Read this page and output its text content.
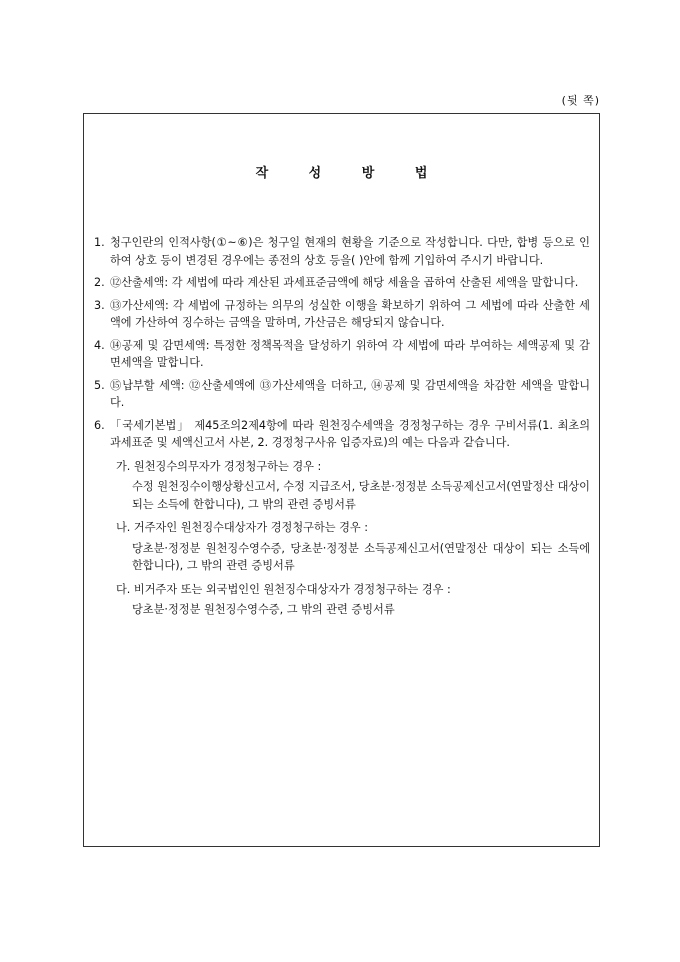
(뒷 쪽)
작 성 방 법
1. 청구인란의 인적사항(①~⑥)은 청구일 현재의 현황을 기준으로 작성합니다. 다만, 합병 등으로 인하여 상호 등이 변경된 경우에는 종전의 상호 등을( )안에 함께 기입하여 주시기 바랍니다.
2. ⑫산출세액: 각 세법에 따라 계산된 과세표준금액에 해당 세율을 곱하여 산출된 세액을 말합니다.
3. ⑬가산세액: 각 세법에 규정하는 의무의 성실한 이행을 확보하기 위하여 그 세법에 따라 산출한 세액에 가산하여 징수하는 금액을 말하며, 가산금은 해당되지 않습니다.
4. ⑭공제 및 감면세액: 특정한 정책목적을 달성하기 위하여 각 세법에 따라 부여하는 세액공제 및 감면세액을 말합니다.
5. ⑮납부할 세액: ⑫산출세액에 ⑬가산세액을 더하고, ⑭공제 및 감면세액을 차감한 세액을 말합니다.
6. 「국세기본법」 제45조의2제4항에 따라 원천징수세액을 경정청구하는 경우 구비서류(1. 최초의 과세표준 및 세액신고서 사본, 2. 경정청구사유 입증자료)의 예는 다음과 같습니다.
가. 원천징수의무자가 경정청구하는 경우 :
수정 원천징수이행상황신고서, 수정 지급조서, 당초분·정정분 소득공제신고서(연말정산 대상이 되는 소득에 한합니다), 그 밖의 관련 증빙서류
나. 거주자인 원천징수대상자가 경정청구하는 경우 :
당초분·정정분 원천징수영수증, 당초분·정정분 소득공제신고서(연말정산 대상이 되는 소득에 한합니다), 그 밖의 관련 증빙서류
다. 비거주자 또는 외국법인인 원천징수대상자가 경정청구하는 경우 :
당초분·정정분 원천징수영수증, 그 밖의 관련 증빙서류
